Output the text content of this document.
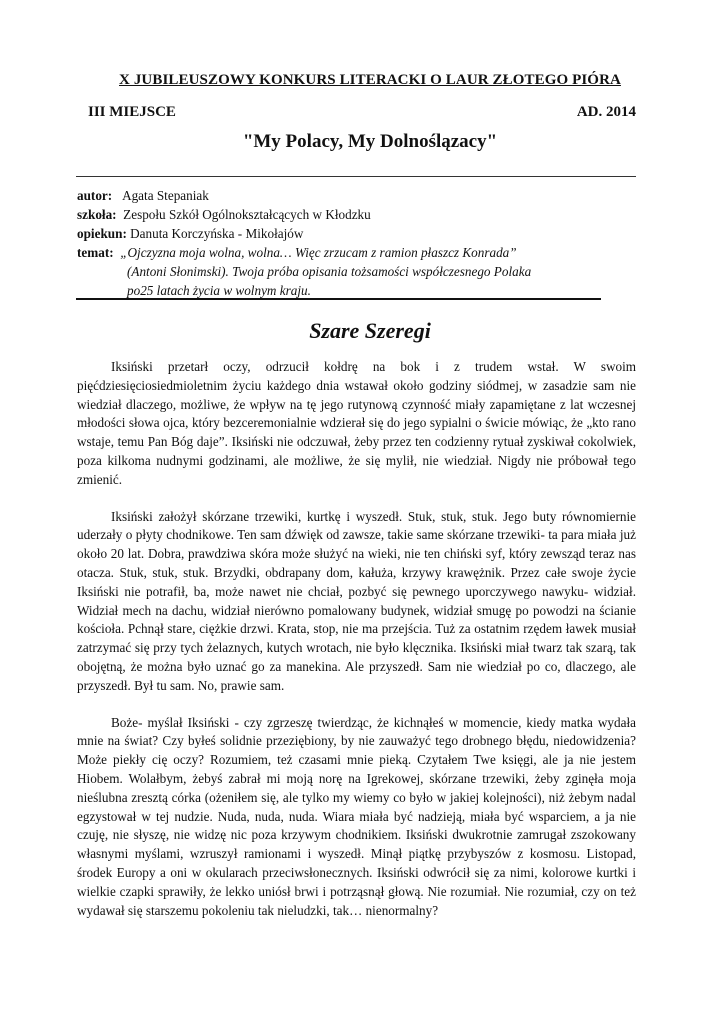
X JUBILEUSZOWY KONKURS LITERACKI O LAUR ZŁOTEGO PIÓRA
III MIEJSCE	AD. 2014
"My Polacy, My Dolnoślązacy"
autor: Agata Stepaniak
szkoła: Zespołu Szkół Ogólnokształcących w Kłodzku
opiekun: Danuta Korczyńska - Mikołajów
temat: „Ojczyzna moja wolna, wolna… Więc zrzucam z ramion płaszcz Konrada”
(Antoni Słonimski). Twoja próba opisania tożsamości współczesnego Polaka
po25 latach życia w wolnym kraju.
Szare Szeregi

Iksiński przetarł oczy, odrzucił kołdrę na bok i z trudem wstał. W swoim pięćdziesięciosiedmioletnim życiu każdego dnia wstawał około godziny siódmej, w zasadzie sam nie wiedział dlaczego, możliwe, że wpływ na tę jego rutynową czynność miały zapamiętane z lat wczesnej młodości słowa ojca, który bezceremonialnie wdzierał się do jego sypialni o świcie mówiąc, że „kto rano wstaje, temu Pan Bóg daje”. Iksiński nie odczuwał, żeby przez ten codzienny rytuał zyskiwał cokolwiek, poza kilkoma nudnymi godzinami, ale możliwe, że się mylił, nie wiedział. Nigdy nie próbował tego zmienić.

Iksiński założył skórzane trzewiki, kurtkę i wyszedł. Stuk, stuk, stuk. Jego buty równomiernie uderzały o płyty chodnikowe. Ten sam dźwięk od zawsze, takie same skórzane trzewiki- ta para miała już około 20 lat. Dobra, prawdziwa skóra może służyć na wieki, nie ten chiński syf, który zewsząd teraz nas otacza. Stuk, stuk, stuk. Brzydki, obdrapany dom, kałuża, krzywy krawężnik. Przez całe swoje życie Iksiński nie potrafił, ba, może nawet nie chciał, pozbyć się pewnego uporczywego nawyku- widział. Widział mech na dachu, widział nierówno pomalowany budynek, widział smugę po powodzi na ścianie kościoła. Pchnął stare, ciężkie drzwi. Krata, stop, nie ma przejścia. Tuż za ostatnim rzędem ławek musiał zatrzymać się przy tych żelaznych, kutych wrotach, nie było klęcznika. Iksiński miał twarz tak szarą, tak obojętną, że można było uznać go za manekina. Ale przyszedł. Sam nie wiedział po co, dlaczego, ale przyszedł. Był tu sam. No, prawie sam.

Boże- myślał Iksiński - czy zgrzeszę twierdząc, że kichnąłeś w momencie, kiedy matka wydała mnie na świat? Czy byłeś solidnie przeziębiony, by nie zauważyć tego drobnego błędu, niedowidzenia? Może piekły cię oczy? Rozumiem, też czasami mnie pieką. Czytałem Twe księgi, ale ja nie jestem Hiobem. Wolałbym, żebyś zabrał mi moją norę na Igrekowej, skórzane trzewiki, żeby zginęła moja nieślubna zresztą córka (ożeniłem się, ale tylko my wiemy co było w jakiej kolejności), niż żebym nadal egzystował w tej nudzie. Nuda, nuda, nuda. Wiara miała być nadzieją, miała być wsparciem, a ja nie czuję, nie słyszę, nie widzę nic poza krzywym chodnikiem. Iksiński dwukrotnie zamrugał zszokowany własnymi myślami, wzruszył ramionami i wyszedł. Minął piątkę przybyszów z kosmosu. Listopad, środek Europy a oni w okularach przeciwsłonecznych. Iksiński odwrócił się za nimi, kolorowe kurtki i wielkie czapki sprawiły, że lekko uniósł brwi i potrząsnął głową. Nie rozumiał. Nie rozumiał, czy on też wydawał się starszemu pokoleniu tak nieludzki, tak… nienormalny?
